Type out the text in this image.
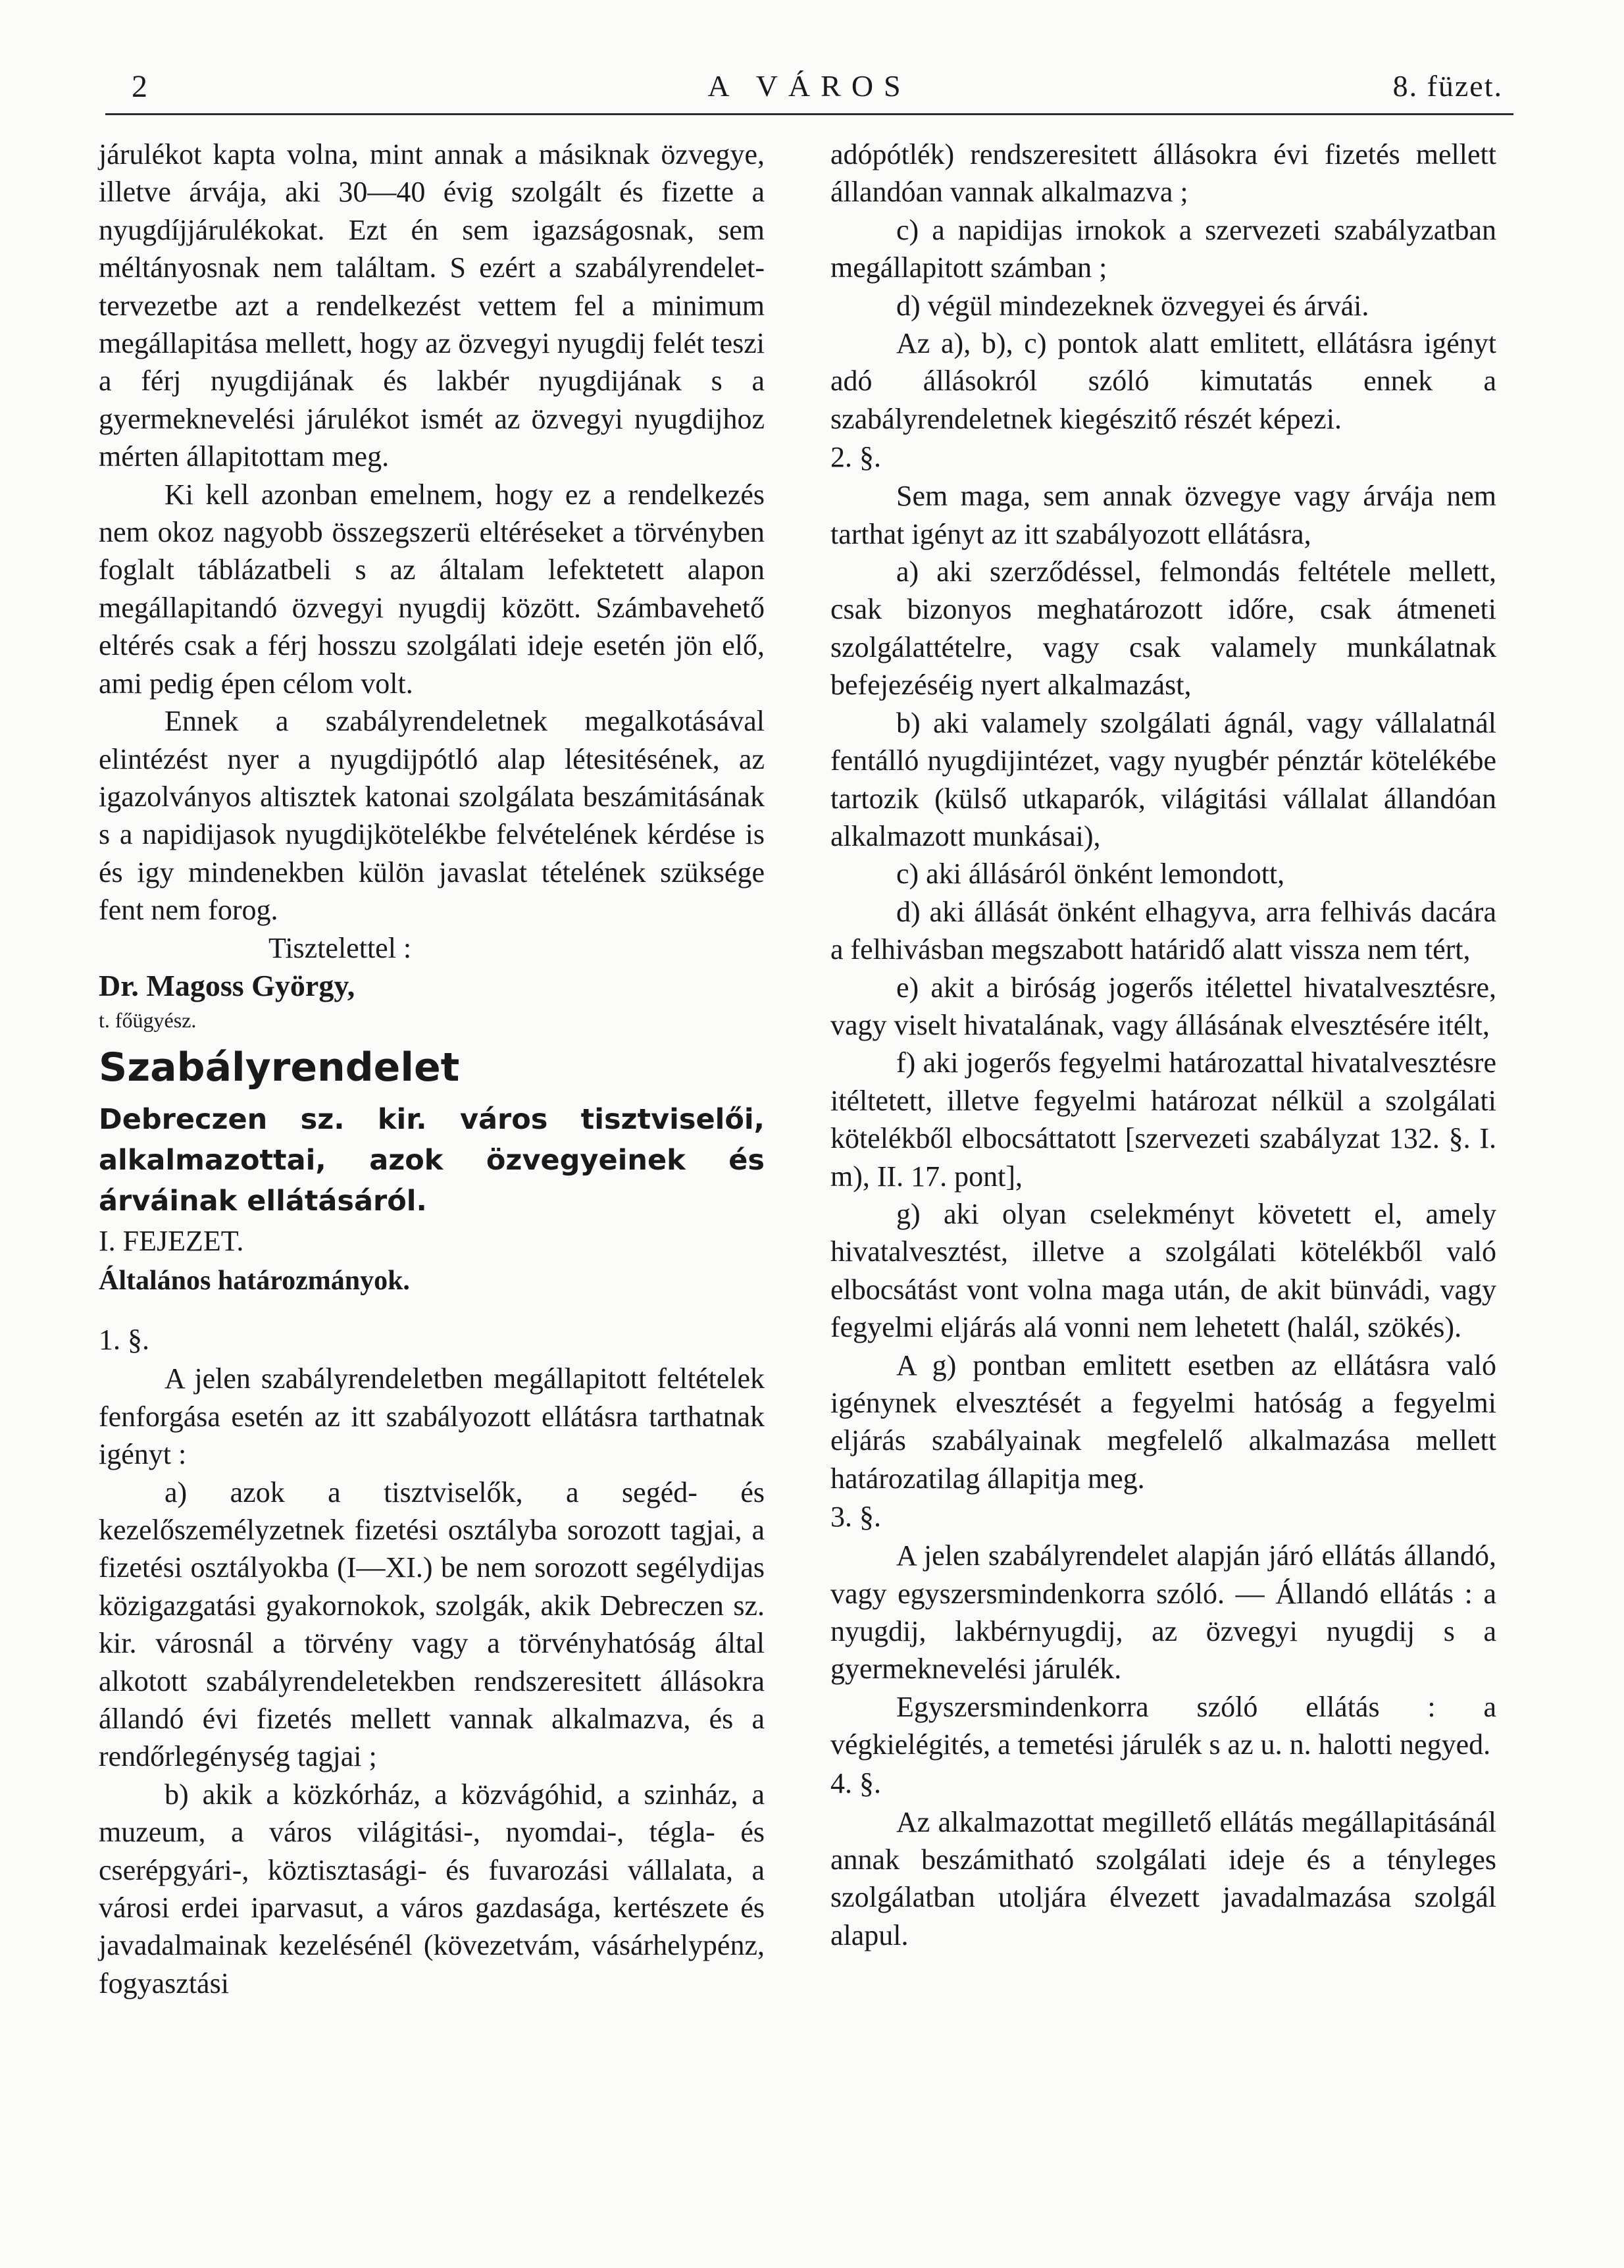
2	A VÁROS	8. füzet.

járulékot kapta volna, mint annak a másiknak özvegye, illetve árvája, aki 30—40 évig szolgált és fizette a nyugdíjjárulékokat. Ezt én sem igazságosnak, sem méltányosnak nem találtam. S ezért a szabályrendelet-tervezetbe azt a rendelkezést vettem fel a minimum megállapitása mellett, hogy az özvegyi nyugdij felét teszi a férj nyugdijának és lakbér nyugdijának s a gyermeknevelési járulékot ismét az özvegyi nyugdijhoz mérten állapitottam meg.

Ki kell azonban emelnem, hogy ez a rendelkezés nem okoz nagyobb összegszerü eltéréseket a törvényben foglalt táblázatbeli s az általam lefektetett alapon megállapitandó özvegyi nyugdij között. Számbavehető eltérés csak a férj hosszu szolgálati ideje esetén jön elő, ami pedig épen célom volt.

Ennek a szabályrendeletnek megalkotásával elintézést nyer a nyugdijpótló alap létesitésének, az igazolványos altisztek katonai szolgálata beszámitásának s a napidijasok nyugdijkötelékbe felvételének kérdése is és igy mindenekben külön javaslat tételének szüksége fent nem forog.

Tisztelettel :

Dr. Magoss György,

t. főügyész.

Szabályrendelet

Debreczen sz. kir. város tisztviselői, alkalmazottai, azok özvegyeinek és árváinak ellátásáról.

I. FEJEZET.

Általános határozmányok.

1. §.

A jelen szabályrendeletben megállapitott feltételek fenforgása esetén az itt szabályozott ellátásra tarthatnak igényt :

a) azok a tisztviselők, a segéd- és kezelőszemélyzetnek fizetési osztályba sorozott tagjai, a fizetési osztályokba (I—XI.) be nem sorozott segélydijas közigazgatási gyakornokok, szolgák, akik Debreczen sz. kir. városnál a törvény vagy a törvényhatóság által alkotott szabályrendeletekben rendszeresitett állásokra állandó évi fizetés mellett vannak alkalmazva, és a rendőrlegénység tagjai ;

b) akik a közkórház, a közvágóhid, a szinház, a muzeum, a város világitási-, nyomdai-, tégla- és cserépgyári-, köztisztasági- és fuvarozási vállalata, a városi erdei iparvasut, a város gazdasága, kertészete és javadalmainak kezelésénél (kövezetvám, vásárhelypénz, fogyasztási

adópótlék) rendszeresitett állásokra évi fizetés mellett állandóan vannak alkalmazva ;

c) a napidijas irnokok a szervezeti szabályzatban megállapitott számban ;

d) végül mindezeknek özvegyei és árvái.

Az a), b), c) pontok alatt emlitett, ellátásra igényt adó állásokról szóló kimutatás ennek a szabályrendeletnek kiegészitő részét képezi.

2. §.

Sem maga, sem annak özvegye vagy árvája nem tarthat igényt az itt szabályozott ellátásra,

a) aki szerződéssel, felmondás feltétele mellett, csak bizonyos meghatározott időre, csak átmeneti szolgálattételre, vagy csak valamely munkálatnak befejezéséig nyert alkalmazást,

b) aki valamely szolgálati ágnál, vagy vállalatnál fentálló nyugdijintézet, vagy nyugbér pénztár kötelékébe tartozik (külső utkaparók, világitási vállalat állandóan alkalmazott munkásai),

c) aki állásáról önként lemondott,

d) aki állását önként elhagyva, arra felhivás dacára a felhivásban megszabott határidő alatt vissza nem tért,

e) akit a biróság jogerős itélettel hivatalvesztésre, vagy viselt hivatalának, vagy állásának elvesztésére itélt,

f) aki jogerős fegyelmi határozattal hivatalvesztésre itéltetett, illetve fegyelmi határozat nélkül a szolgálati kötelékből elbocsáttatott [szervezeti szabályzat 132. §. I. m), II. 17. pont],

g) aki olyan cselekményt követett el, amely hivatalvesztést, illetve a szolgálati kötelékből való elbocsátást vont volna maga után, de akit bünvádi, vagy fegyelmi eljárás alá vonni nem lehetett (halál, szökés).

A g) pontban emlitett esetben az ellátásra való igénynek elvesztését a fegyelmi hatóság a fegyelmi eljárás szabályainak megfelelő alkalmazása mellett határozatilag állapitja meg.

3. §.

A jelen szabályrendelet alapján járó ellátás állandó, vagy egyszersmindenkorra szóló. — Állandó ellátás : a nyugdij, lakbérnyugdij, az özvegyi nyugdij s a gyermeknevelési járulék.

Egyszersmindenkorra szóló ellátás : a végkielégités, a temetési járulék s az u. n. halotti negyed.

4. §.

Az alkalmazottat megillető ellátás megállapitásánál annak beszámitható szolgálati ideje és a tényleges szolgálatban utoljára élvezett javadalmazása szolgál alapul.
